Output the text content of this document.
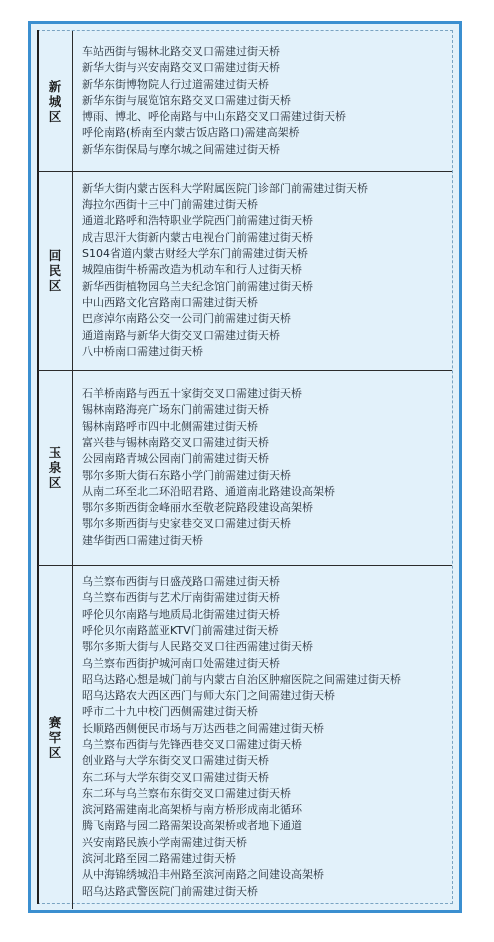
新城区
车站西街与锡林北路交叉口需建过街天桥
新华大街与兴安南路交叉口需建过街天桥
新华东街博物院人行过道需建过街天桥
新华东街与展览馆东路交叉口需建过街天桥
博雨、博北、呼伦南路与中山东路交叉口需建过街天桥
呼伦南路(桥南至内蒙古饭店路口)需建高架桥
新华东街保局与摩尔城之间需建过街天桥
回民区
新华大街内蒙古医科大学附属医院门诊部门前需建过街天桥
海拉尔西街十三中门前需建过街天桥
通道北路呼和浩特职业学院西门前需建过街天桥
成吉思汗大街新内蒙古电视台门前需建过街天桥
S104省道内蒙古财经大学东门前需建过街天桥
城隍庙街牛桥需改造为机动车和行人过街天桥
新华西街植物园乌兰夫纪念馆门前需建过街天桥
中山西路文化宫路南口需建过街天桥
巴彦淖尔南路公交一公司门前需建过街天桥
通道南路与新华大街交叉口需建过街天桥
八中桥南口需建过街天桥
玉泉区
石羊桥南路与西五十家街交叉口需建过街天桥
锡林南路海亮广场东门前需建过街天桥
锡林南路呼市四中北侧需建过街天桥
富兴巷与锡林南路交叉口需建过街天桥
公园南路青城公园南门前需建过街天桥
鄂尔多斯大街石东路小学门前需建过街天桥
从南二环至北二环沿昭君路、通道南北路建设高架桥
鄂尔多斯西街金峰丽水至敬老院路段建设高架桥
鄂尔多斯西街与史家巷交叉口需建过街天桥
建华街西口需建过街天桥
赛罕区
乌兰察布西街与日盛茂路口需建过街天桥
乌兰察布西街与艺术厅南街需建过街天桥
呼伦贝尔南路与地质局北街需建过街天桥
呼伦贝尔南路蓝亚KTV门前需建过街天桥
鄂尔多斯大街与人民路交叉口往西需建过街天桥
乌兰察布西街护城河南口处需建过街天桥
昭乌达路心想是城门前与内蒙古自治区肿瘤医院之间需建过街天桥
昭乌达路农大西区西门与师大东门之间需建过街天桥
呼市二十九中校门西侧需建过街天桥
长顺路西侧便民市场与万达西巷之间需建过街天桥
乌兰察布西街与先锋西巷交叉口需建过街天桥
创业路与大学东街交叉口需建过街天桥
东二环与大学东街交叉口需建过街天桥
东二环与乌兰察布东街交叉口需建过街天桥
滨河路需建南北高架桥与南方桥形成南北循环
腾飞南路与园二路需架设高架桥或者地下通道
兴安南路民族小学南需建过街天桥
滨河北路至园二路需建过街天桥
从中海锦绣城沿丰州路至滨河南路之间建设高架桥
昭乌达路武警医院门前需建过街天桥
